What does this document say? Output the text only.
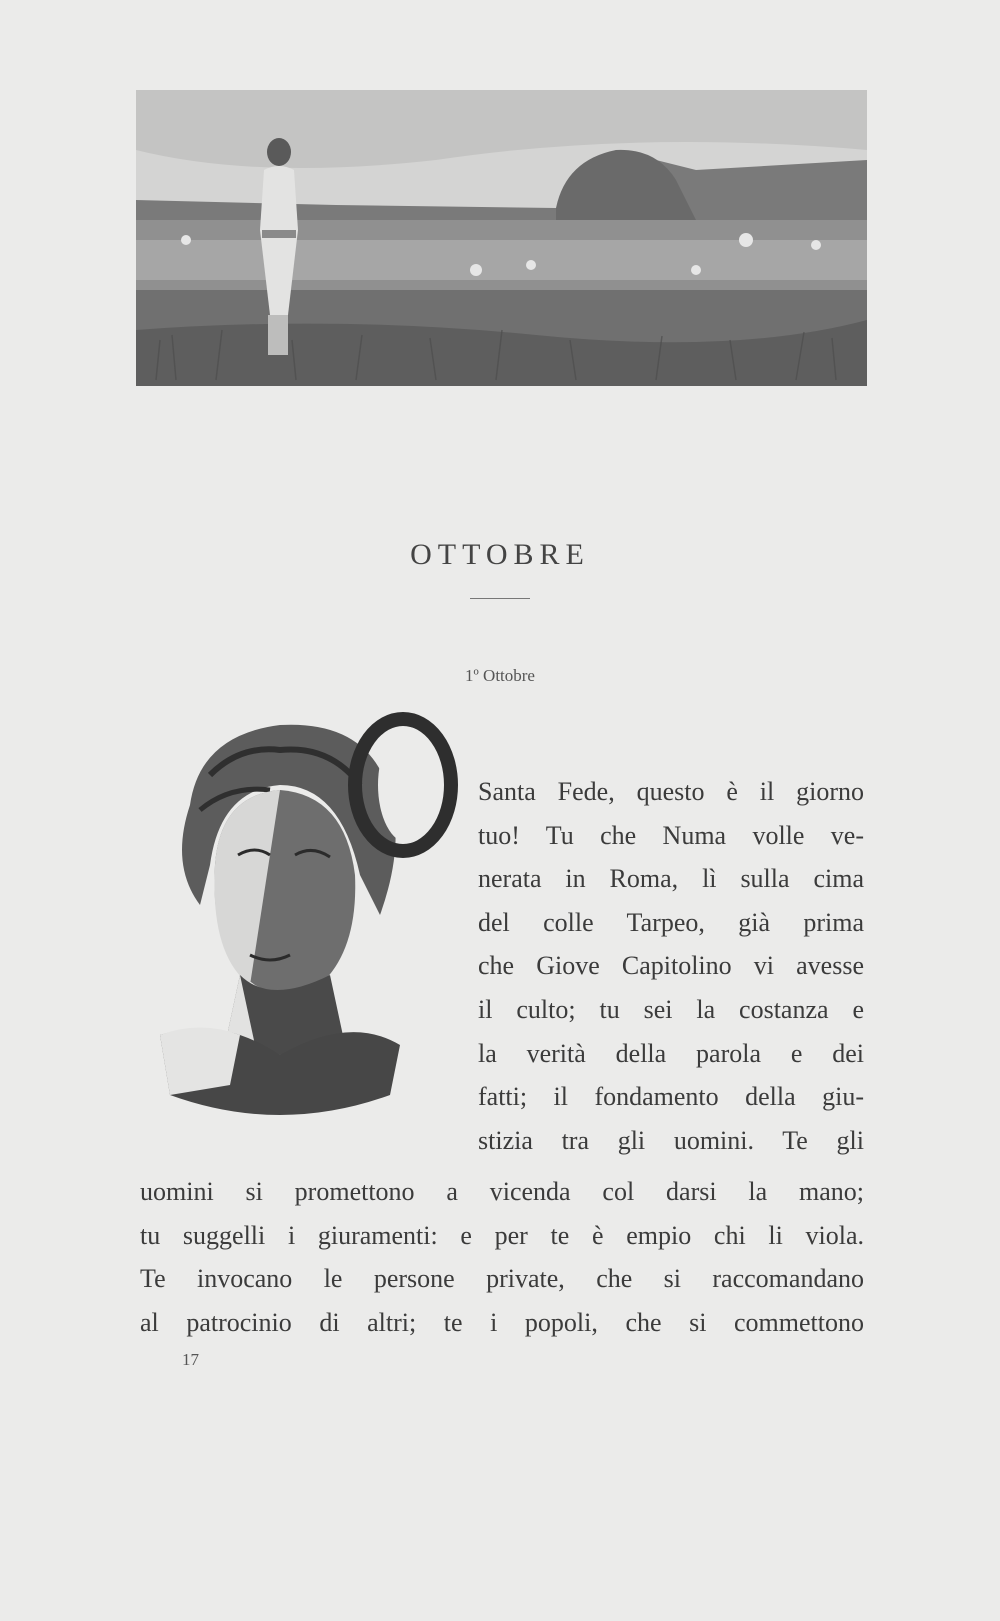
OTTOBRE
1º Ottobre
Santa Fede, questo è il giorno
tuo! Tu che Numa volle ve-
nerata in Roma, lì sulla cima
del colle Tarpeo, già prima
che Giove Capitolino vi avesse
il culto; tu sei la costanza e
la verità della parola e dei
fatti; il fondamento della giu-
stizia tra gli uomini. Te gli
uomini si promettono a vicenda col darsi la mano;
tu suggelli i giuramenti: e per te è empio chi li viola.
Te invocano le persone private, che si raccomandano
al patrocinio di altri; te i popoli, che si commettono
17
